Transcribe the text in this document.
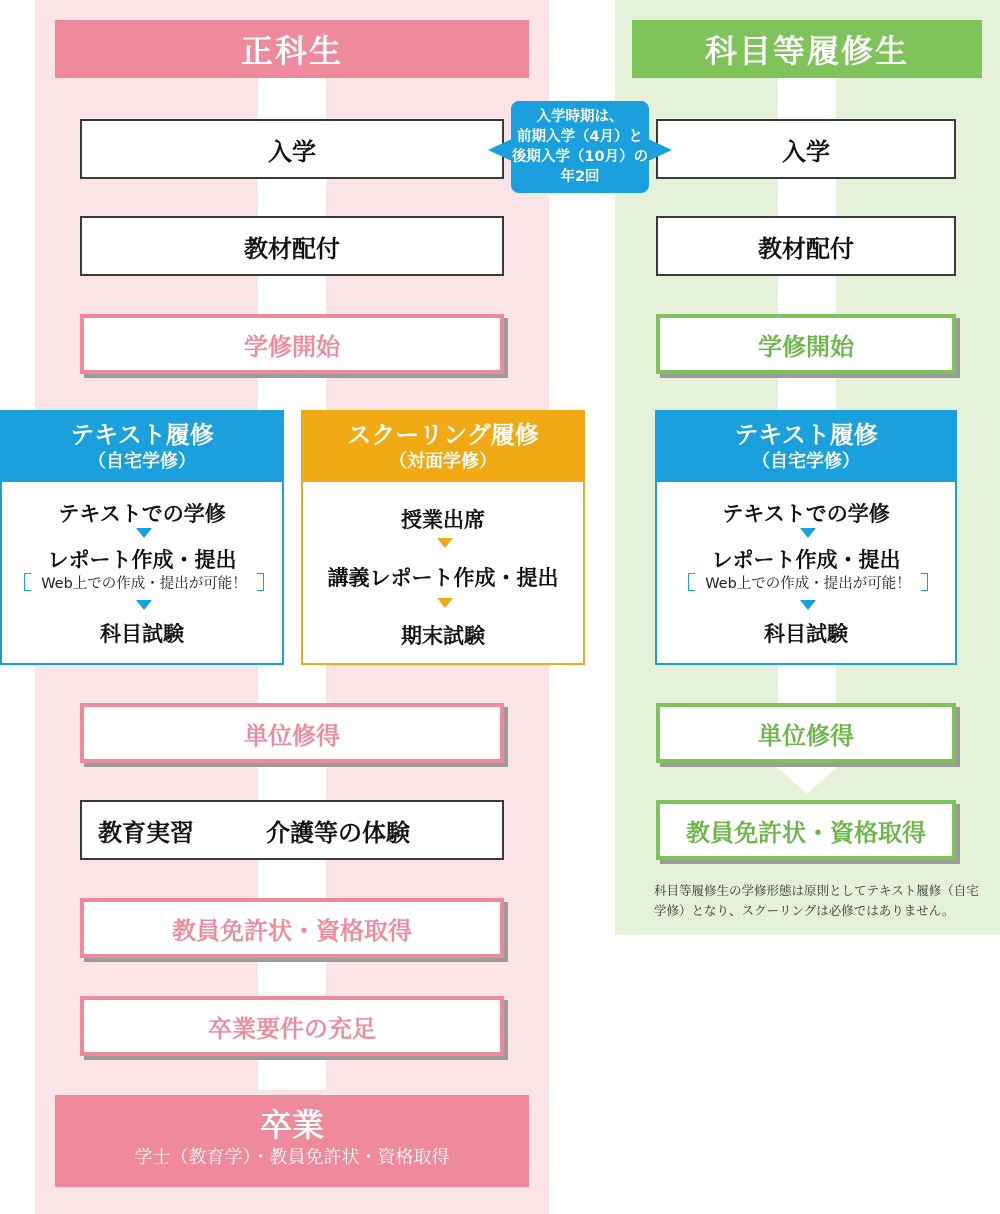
正科生	科目等履修生
入学
教材配付
学修開始
入学
教材配付
学修開始
入学時期は、
前期入学（4月）と
後期入学（10月）の
年2回
テキスト履修
（自宅学修）
テキストでの学修
レポート作成・提出
Web上での作成・提出が可能！
科目試験
スクーリング履修
（対面学修）
授業出席
講義レポート作成・提出
期末試験
テキスト履修
（自宅学修）
テキストでの学修
レポート作成・提出
Web上での作成・提出が可能！
科目試験
単位修得
教育実習	介護等の体験
教員免許状・資格取得
卒業要件の充足
卒業
学士（教育学）・教員免許状・資格取得
単位修得
教員免許状・資格取得
科目等履修生の学修形態は原則としてテキスト履修（自宅
学修）となり、スクーリングは必修ではありません。
